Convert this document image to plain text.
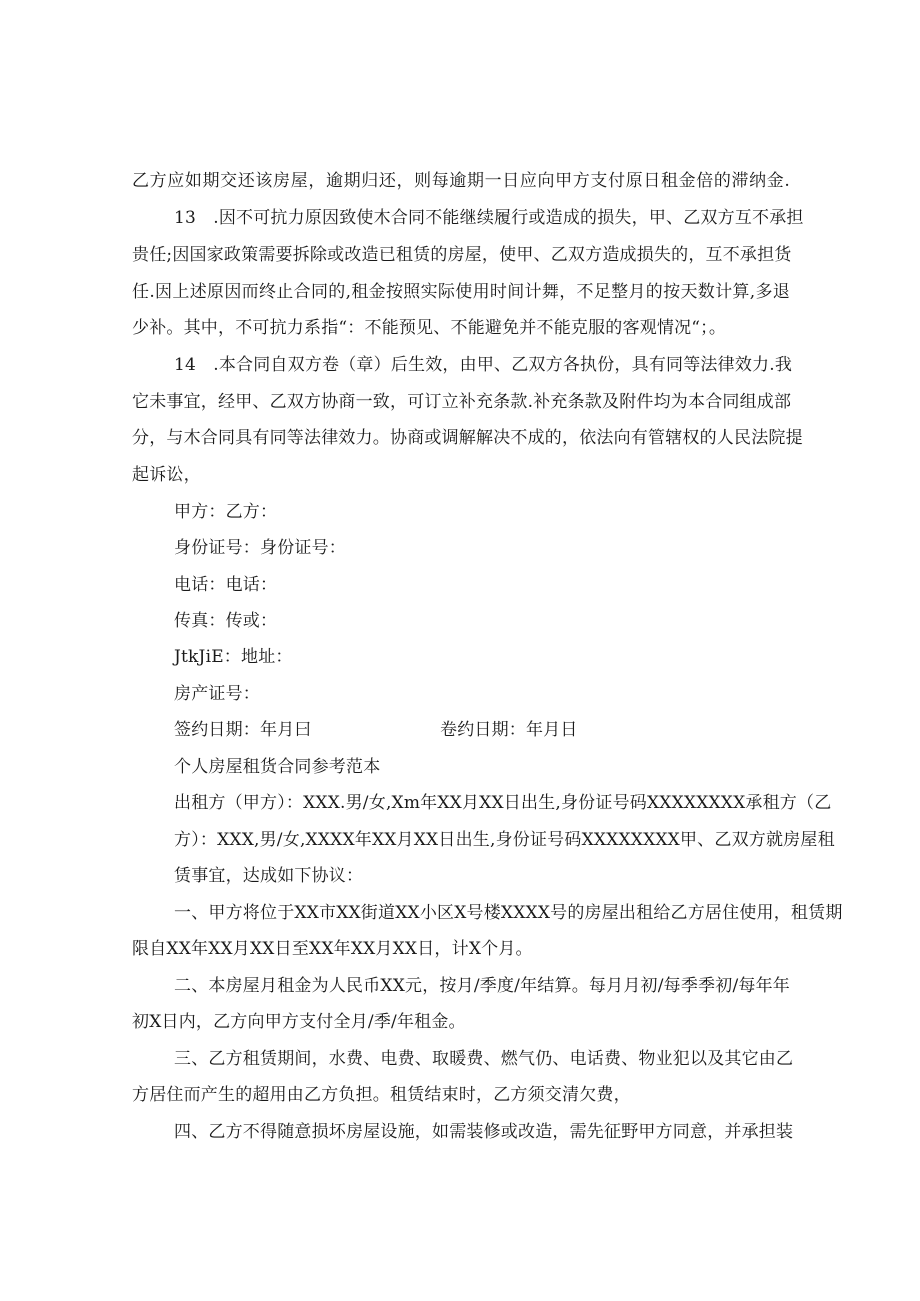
乙方应如期交还该房屋，逾期归还，则每逾期一日应向甲方支付原日租金倍的滞纳金.
13　.因不可抗力原因致使木合同不能继续履行或造成的损失，甲、乙双方互不承担
贵任;因国家政策需要拆除或改造已租赁的房屋，使甲、乙双方造成损失的，互不承担货
任.因上述原因而终止合同的,租金按照实际使用时间计舞，不足整月的按天数计算,多退
少补。其中，不可抗力系指“：不能预见、不能避免并不能克服的客观情况“；。
14　.本合同自双方卷（章）后生效，由甲、乙双方各执份，具有同等法律效力.我
它未事宜，经甲、乙双方协商一致，可订立补充条款.补充条款及附件均为本合同组成部
分，与木合同具有同等法律效力。协商或调解解决不成的，依法向有管辖权的人民法院提
起诉讼，
甲方：乙方：
身份证号：身份证号：
电话：电话：
传真：传或：
JtkJiE：地址：
房产证号：
签约日期：年月曰	卷约日期：年月日
个人房屋租货合同参考范本
出租方（甲方）：XXX.男/女,Xm年XX月XX日出生,身份证号码XXXXXXXX承租方（乙
方）：XXX,男/女,XXXX年XX月XX日出生,身份证号码XXXXXXXX甲、乙双方就房屋租
赁事宜，达成如下协议：
一、甲方将位于XX市XX街道XX小区X号楼XXXX号的房屋出租给乙方居住使用，租赁期
限自XX年XX月XX日至XX年XX月XX日，计X个月。
二、本房屋月租金为人民币XX元，按月/季度/年结算。每月月初/每季季初/每年年
初X日内，乙方向甲方支付全月/季/年租金。
三、乙方租赁期间，水费、电费、取暖费、燃气仍、电话费、物业犯以及其它由乙
方居住而产生的超用由乙方负担。租赁结束时，乙方须交清欠费，
四、乙方不得随意损坏房屋设施，如需装修或改造，需先征野甲方同意，并承担装
